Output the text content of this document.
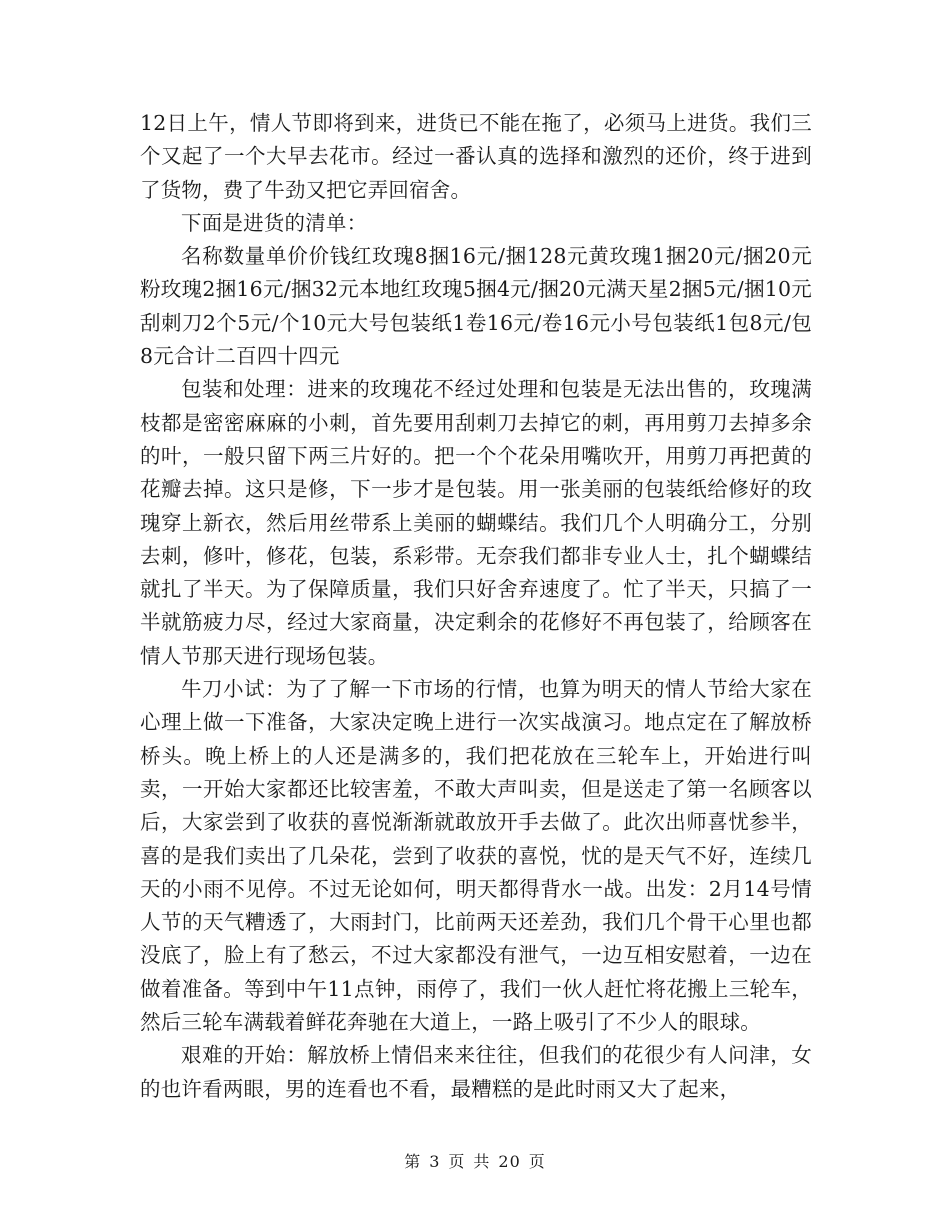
12日上午，情人节即将到来，进货已不能在拖了，必须马上进货。我们三个又起了一个大早去花市。经过一番认真的选择和激烈的还价，终于进到了货物，费了牛劲又把它弄回宿舍。

下面是进货的清单：

名称数量单价价钱红玫瑰8捆16元/捆128元黄玫瑰1捆20元/捆20元粉玫瑰2捆16元/捆32元本地红玫瑰5捆4元/捆20元满天星2捆5元/捆10元刮刺刀2个5元/个10元大号包装纸1卷16元/卷16元小号包装纸1包8元/包8元合计二百四十四元

包装和处理：进来的玫瑰花不经过处理和包装是无法出售的，玫瑰满枝都是密密麻麻的小刺，首先要用刮刺刀去掉它的刺，再用剪刀去掉多余的叶，一般只留下两三片好的。把一个个花朵用嘴吹开，用剪刀再把黄的花瓣去掉。这只是修，下一步才是包装。用一张美丽的包装纸给修好的玫瑰穿上新衣，然后用丝带系上美丽的蝴蝶结。我们几个人明确分工，分别去刺，修叶，修花，包装，系彩带。无奈我们都非专业人士，扎个蝴蝶结就扎了半天。为了保障质量，我们只好舍弃速度了。忙了半天，只搞了一半就筋疲力尽，经过大家商量，决定剩余的花修好不再包装了，给顾客在情人节那天进行现场包装。

牛刀小试：为了了解一下市场的行情，也算为明天的情人节给大家在心理上做一下准备，大家决定晚上进行一次实战演习。地点定在了解放桥桥头。晚上桥上的人还是满多的，我们把花放在三轮车上，开始进行叫卖，一开始大家都还比较害羞，不敢大声叫卖，但是送走了第一名顾客以后，大家尝到了收获的喜悦渐渐就敢放开手去做了。此次出师喜忧参半，喜的是我们卖出了几朵花，尝到了收获的喜悦，忧的是天气不好，连续几天的小雨不见停。不过无论如何，明天都得背水一战。出发：2月14号情人节的天气糟透了，大雨封门，比前两天还差劲，我们几个骨干心里也都没底了，脸上有了愁云，不过大家都没有泄气，一边互相安慰着，一边在做着准备。等到中午11点钟，雨停了，我们一伙人赶忙将花搬上三轮车，然后三轮车满载着鲜花奔驰在大道上，一路上吸引了不少人的眼球。

艰难的开始：解放桥上情侣来来往往，但我们的花很少有人问津，女的也许看两眼，男的连看也不看，最糟糕的是此时雨又大了起来，

第 3 页 共 20 页
